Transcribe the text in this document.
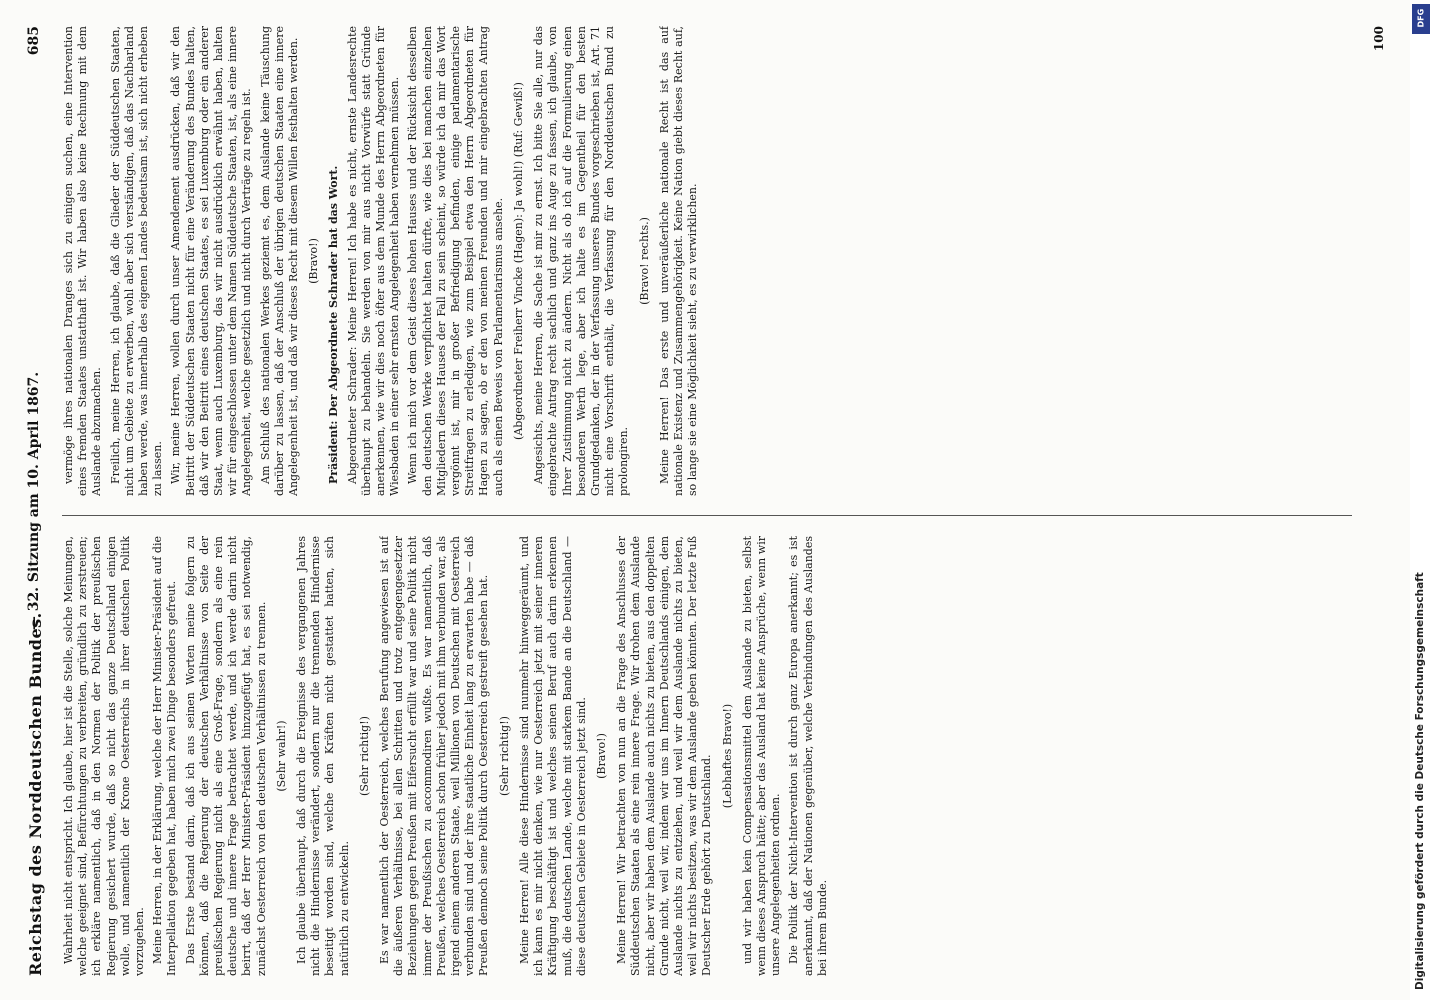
Reichstag des Norddeutschen Bundes.
— 32. Sitzung am 10. April 1867.
685

Wahrheit nicht entspricht. Ich glaube, hier ist die Stelle, solche Meinungen, welche geeignet sind, Befürchtungen zu verbreiten, gründlich zu zerstreuen; ich erkläre namentlich, daß in den Normen der Politik der preußischen Regierung gesichert wurde, daß so nicht das ganze Deutschland einigen wolle, und namentlich der Krone Oesterreichs in ihrer deutschen Politik vorzugehen. Meine Herren, in der Erklärung, welche der Herr Minister-Präsident auf die Interpellation gegeben hat, haben mich zwei Dinge besonders gefreut. Das Erste bestand darin, daß ich aus seinen Worten meine folgern zu können, daß die Regierung der deutschen Verhältnisse von Seite der preußischen Regierung nicht als eine Groß-Frage, sondern als eine rein deutsche und innere Frage betrachtet werde, und ich werde darin nicht beirrt, daß der Herr Minister-Präsident hinzugefügt hat, es sei notwendig, zunächst Oesterreich von den deutschen Verhältnissen zu trennen. (Sehr wahr!) Ich glaube überhaupt, daß durch die Ereignisse des vergangenen Jahres nicht die Hindernisse verändert, sondern nur die trennenden Hindernisse beseitigt worden sind, welche den Kräften nicht gestattet hatten, sich natürlich zu entwickeln.

(Sehr richtig!) Es war namentlich der Oesterreich, welches Berufung angewiesen ist auf die äußeren Verhältnisse, bei allen Schritten und trotz entgegengesetzter Beziehungen gegen Preußen mit Eifersucht erfüllt war und seine Politik nicht immer der Preußischen zu accommodiren wußte. Es war namentlich, daß Preußen, welches Oesterreich schon früher jedoch mit ihm verbunden war, als irgend einem anderen Staate, weil Millionen von Deutschen mit Oesterreich verbunden sind und der ihre staatliche Einheit lang zu erwarten habe — daß Preußen dennoch seine Politik durch Oesterreich gestreift gesehen hat. (Sehr richtig!) Meine Herren! Alle diese Hindernisse sind nunmehr hinweggeräumt, und ich kann es mir nicht denken, wie nur Oesterreich jetzt mit seiner inneren Kräftigung beschäftigt ist und welches seinen Beruf auch darin erkennen muß, die deutschen Lande, welche mit starkem Bande an die Deutschland — diese deutschen Gebiete in Oesterreich jetzt sind. (Bravo!) Meine Herren! Wir betrachten von nun an die Frage des Anschlusses der Süddeutschen Staaten als eine rein innere Frage. Wir drohen dem Auslande nicht, aber wir haben dem Auslande auch nichts zu bieten, aus den doppelten Grunde nicht, weil wir, indem wir uns im Innern Deutschlands einigen, dem Auslande nichts zu entziehen, und weil wir dem Auslande nichts zu bieten, weil wir nichts besitzen, was wir dem Auslande geben könnten. Der letzte Fuß Deutscher Erde gehört zu Deutschland. (Lebhaftes Bravo!) und wir haben kein Compensationsmittel dem Auslande zu bieten, selbst wenn dieses Anspruch hätte; aber das Ausland hat keine Ansprüche, wenn wir unsere Angelegenheiten ordnen. Die Politik der Nicht-Intervention ist durch ganz Europa anerkannt; es ist anerkannt, daß der Nationen gegenüber, welche Verbindungen des Auslandes bei ihrem Bunde.

vermöge ihres nationalen Dranges sich zu einigen suchen, eine Intervention eines fremden Staates unstatthaft ist. Wir haben also keine Rechnung mit dem Auslande abzumachen. Freilich, meine Herren, ich glaube, daß die Glieder der Süddeutschen Staaten, nicht um Gebiete zu erwerben, wohl aber sich verständigen, daß das Nachbarland haben werde, was innerhalb des eigenen Landes bedeutsam ist, sich nicht erheben zu lassen. Wir, meine Herren, wollen durch unser Amendement ausdrücken, daß wir den Beitritt der Süddeutschen Staaten nicht für eine Veränderung des Bundes halten, daß wir den Beitritt eines deutschen Staates, es sei Luxemburg oder ein anderer Staat, wenn auch Luxemburg, das wir nicht ausdrücklich erwähnt haben, halten wir für eingeschlossen unter dem Namen Süddeutsche Staaten, ist, als eine innere Angelegenheit, welche gesetzlich und nicht durch Verträge zu regeln ist. Am Schluß des nationalen Werkes geziemt es, dem Auslande keine Täuschung darüber zu lassen, daß der Anschluß der übrigen deutschen Staaten eine innere Angelegenheit ist, und daß wir dieses Recht mit diesem Willen festhalten werden. (Bravo!) Präsident: Der Abgeordnete Schrader hat das Wort. Abgeordneter Schrader: Meine Herren! Ich habe es nicht, ernste Landesrechte überhaupt zu behandeln. Sie werden von mir aus nicht Vorwürfe statt Gründe anerkennen, wie wir dies noch öfter aus dem Munde des Herrn Abgeordneten für Wiesbaden in einer sehr ernsten Angelegenheit haben vernehmen müssen. Wenn ich mich vor dem Geist dieses hohen Hauses und der Rücksicht desselben den deutschen Werke verpflichtet halten dürfte, wie dies bei manchen einzelnen Mitgliedern dieses Hauses der Fall zu sein scheint, so würde ich da mir das Wort vergönnt ist, mir in großer Befriedigung befinden, einige parlamentarische Streitfragen zu erledigen, wie zum Beispiel etwa den Herrn Abgeordneten für Hagen zu sagen, ob er den von meinen Freunden und mir eingebrachten Antrag auch als einen Beweis von Parlamentarismus ansehe. (Abgeordneter Freiherr Vincke (Hagen): Ja wohl!) (Ruf: Gewiß!) Angesichts, meine Herren, die Sache ist mir zu ernst. Ich bitte Sie alle, nur das eingebrachte Antrag recht sachlich und ganz ins Auge zu fassen, ich glaube, von Ihrer Zustimmung nicht zu ändern. Nicht als ob ich auf die Formulierung einen besonderen Werth lege, aber ich halte es im Gegentheil für den besten Grundgedanken, der in der Verfassung unseres Bundes vorgeschrieben ist, Art. 71 nicht eine Vorschrift enthält, die Verfassung für den Norddeutschen Bund zu prolongiren.

(Bravo! rechts.) Meine Herren! Das erste und unveräußerliche nationale Recht ist das auf nationale Existenz und Zusammengehörigkeit. Keine Nation giebt dieses Recht auf, so lange sie eine Möglichkeit sieht, es zu verwirklichen.

100
Digitalisierung gefördert durch die Deutsche Forschungsgemeinschaft
DFG
